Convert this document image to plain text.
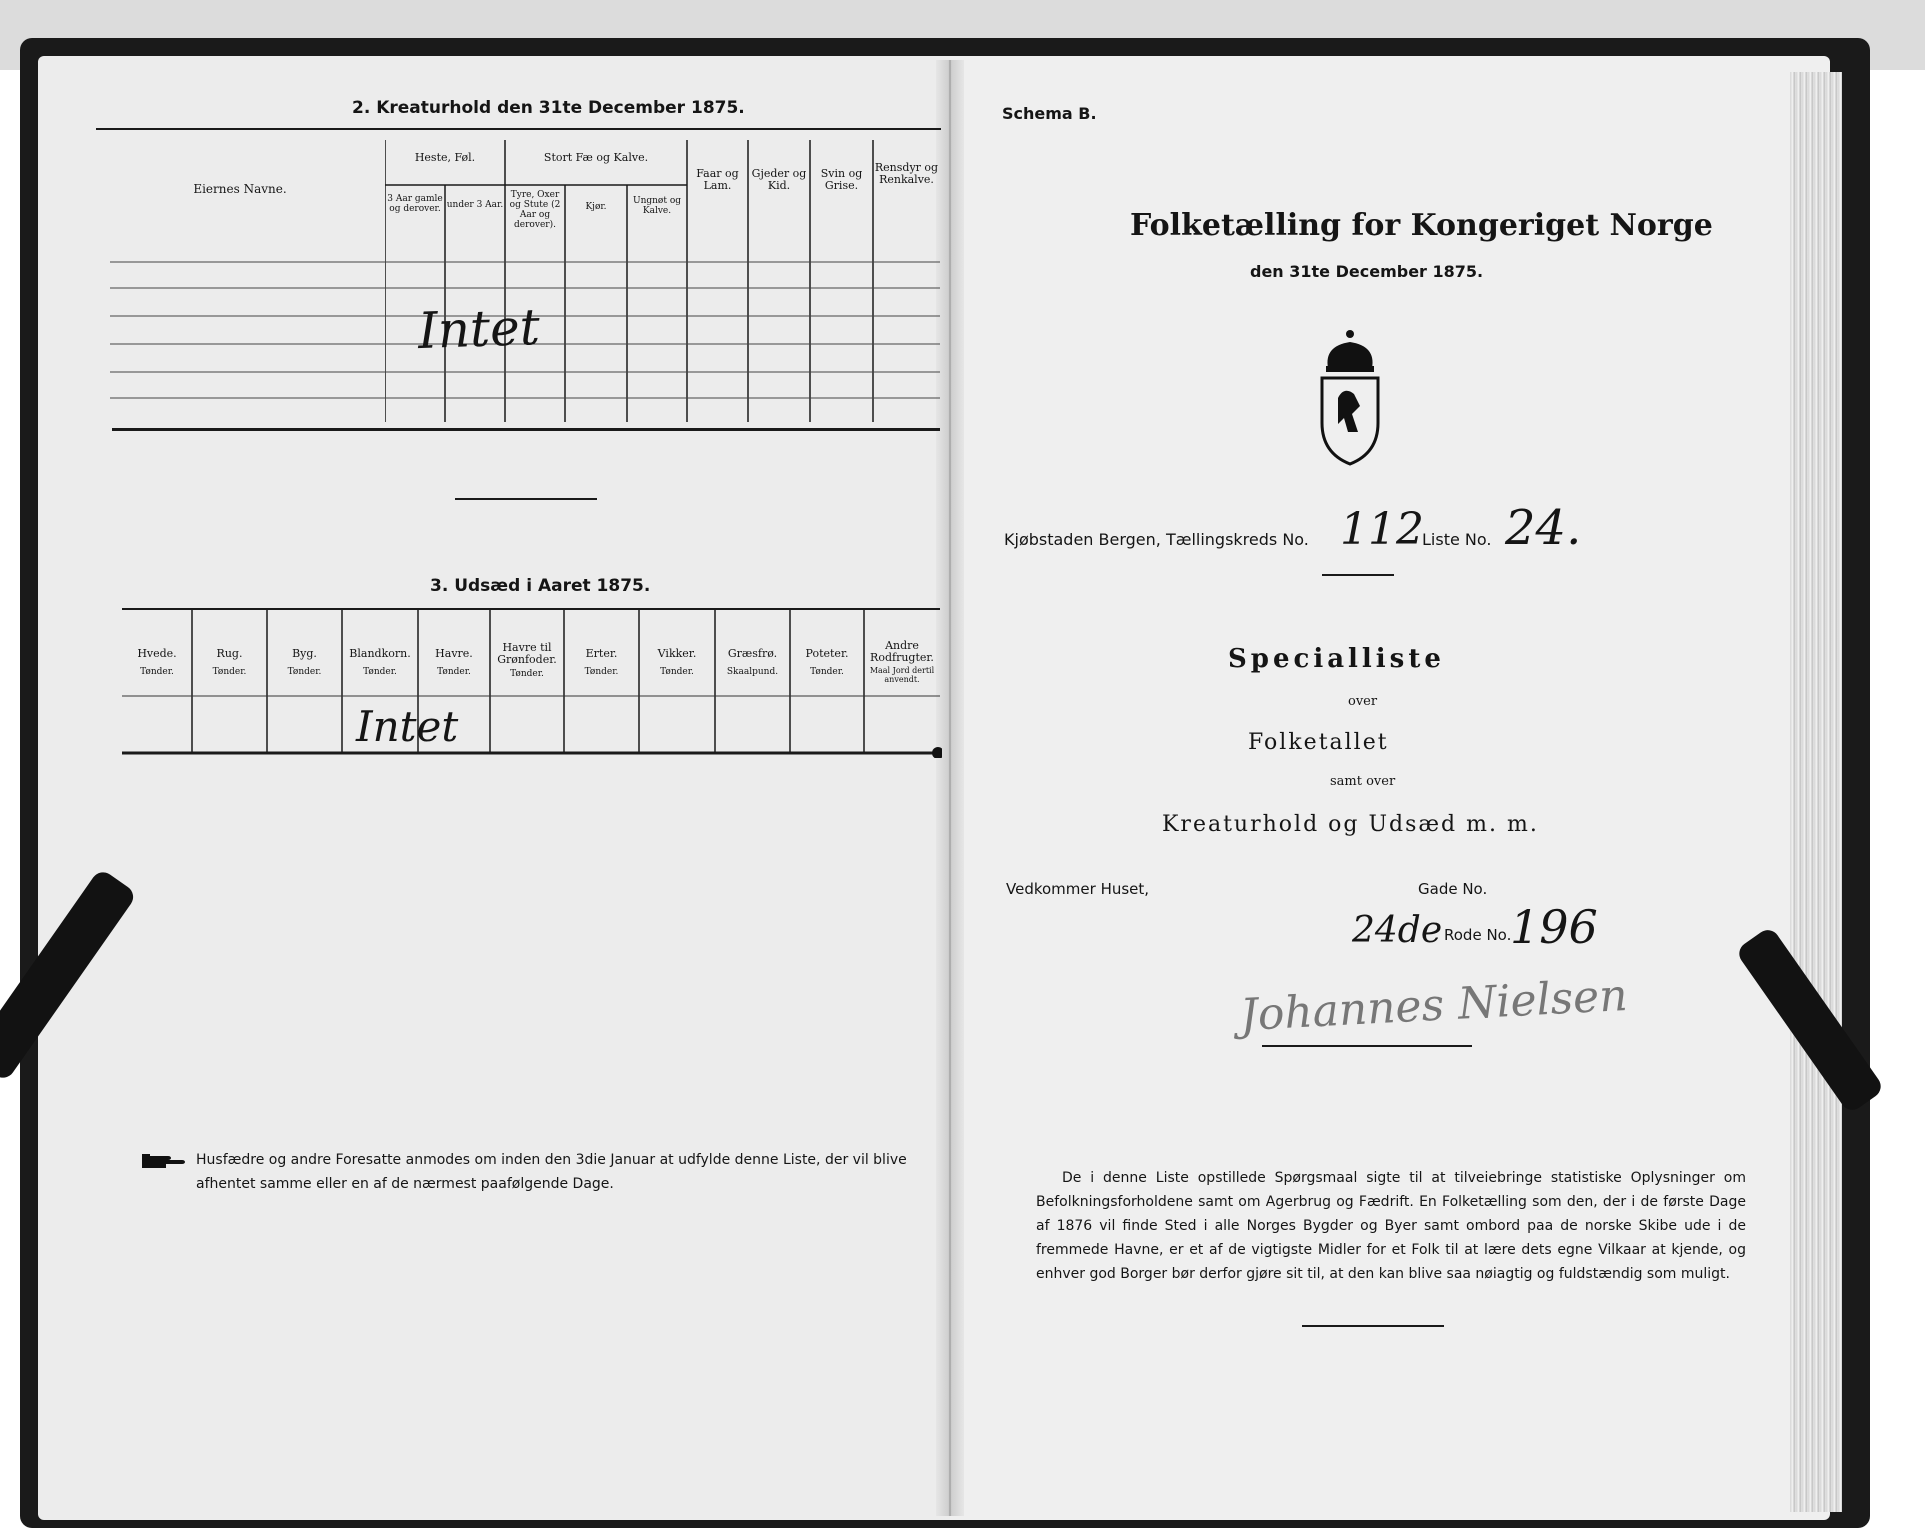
2. Kreaturhold den 31te December 1875.
Eiernes Navne.
Heste, Føl.
3 Aar gamle og derover. under 3 Aar.
Stort Fæ og Kalve.
Tyre, Oxer og Stute (2 Aar og derover).
Kjør.
Ungnøt og Kalve.
Faar og Lam.
Gjeder og Kid.
Svin og Grise.
Rensdyr og Renkalve.
Intet
3. Udsæd i Aaret 1875.
Hvede.
Tønder.
Rug.
Tønder.
Byg.
Tønder.
Blandkorn.
Tønder.
Havre.
Tønder.
Havre til Grønfoder.
Tønder.
Erter.
Tønder.
Vikker.
Tønder.
Græsfrø.
Skaalpund.
Poteter.
Tønder.
Andre Rodfrugter.
Maal Jord dertil anvendt.
Intet
Husfædre og andre Foresatte anmodes om inden den 3die Januar at udfylde denne Liste, der vil blive afhentet samme eller en af de nærmest paafølgende Dage.
Schema B.
Folketælling for Kongeriget Norge
den 31te December 1875.
Kjøbstaden Bergen, Tællingskreds No. 112
Liste No. 24.
Specialliste
over
Folketallet
samt over
Kreaturhold og Udsæd m. m.
Vedkommer Huset,	Gade No.
24de Rode No.
196
Johannes Nielsen
De i denne Liste opstillede Spørgsmaal sigte til at tilveiebringe statistiske Oplysninger om Befolkningsforholdene samt om Agerbrug og Fædrift. En Folketælling som den, der i de første Dage af 1876 vil finde Sted i alle Norges Bygder og Byer samt ombord paa de norske Skibe ude i de fremmede Havne, er et af de vigtigste Midler for et Folk til at lære dets egne Vilkaar at kjende, og enhver god Borger bør derfor gjøre sit til, at den kan blive saa nøiagtig og fuldstændig som muligt.
